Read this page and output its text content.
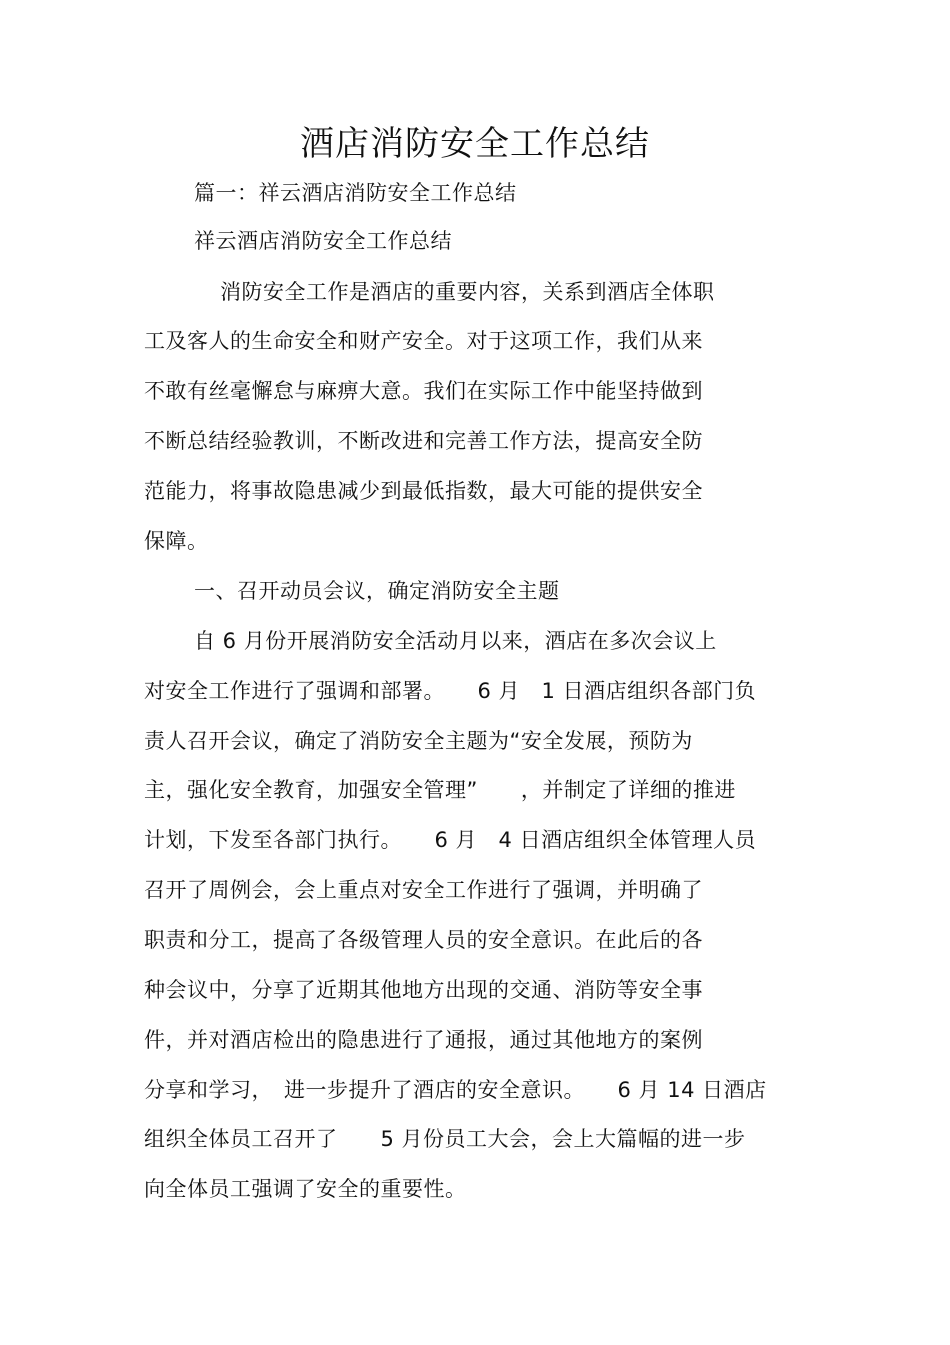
酒店消防安全工作总结
篇一：祥云酒店消防安全工作总结
祥云酒店消防安全工作总结
消防安全工作是酒店的重要内容，关系到酒店全体职
工及客人的生命安全和财产安全。对于这项工作，我们从来
不敢有丝毫懈怠与麻痹大意。我们在实际工作中能坚持做到
不断总结经验教训，不断改进和完善工作方法，提高安全防
范能力，将事故隐患减少到最低指数，最大可能的提供安全
保障。
一、召开动员会议，确定消防安全主题
自 6 月份开展消防安全活动月以来，酒店在多次会议上
对安全工作进行了强调和部署。　　6 月　1 日酒店组织各部门负
责人召开会议，确定了消防安全主题为“安全发展，预防为
主，强化安全教育，加强安全管理”　　，并制定了详细的推进
计划，下发至各部门执行。　　6 月　4 日酒店组织全体管理人员
召开了周例会，会上重点对安全工作进行了强调，并明确了
职责和分工，提高了各级管理人员的安全意识。在此后的各
种会议中，分享了近期其他地方出现的交通、消防等安全事
件，并对酒店检出的隐患进行了通报，通过其他地方的案例
分享和学习，　进一步提升了酒店的安全意识。　　6 月 14 日酒店
组织全体员工召开了　　5 月份员工大会，会上大篇幅的进一步
向全体员工强调了安全的重要性。
